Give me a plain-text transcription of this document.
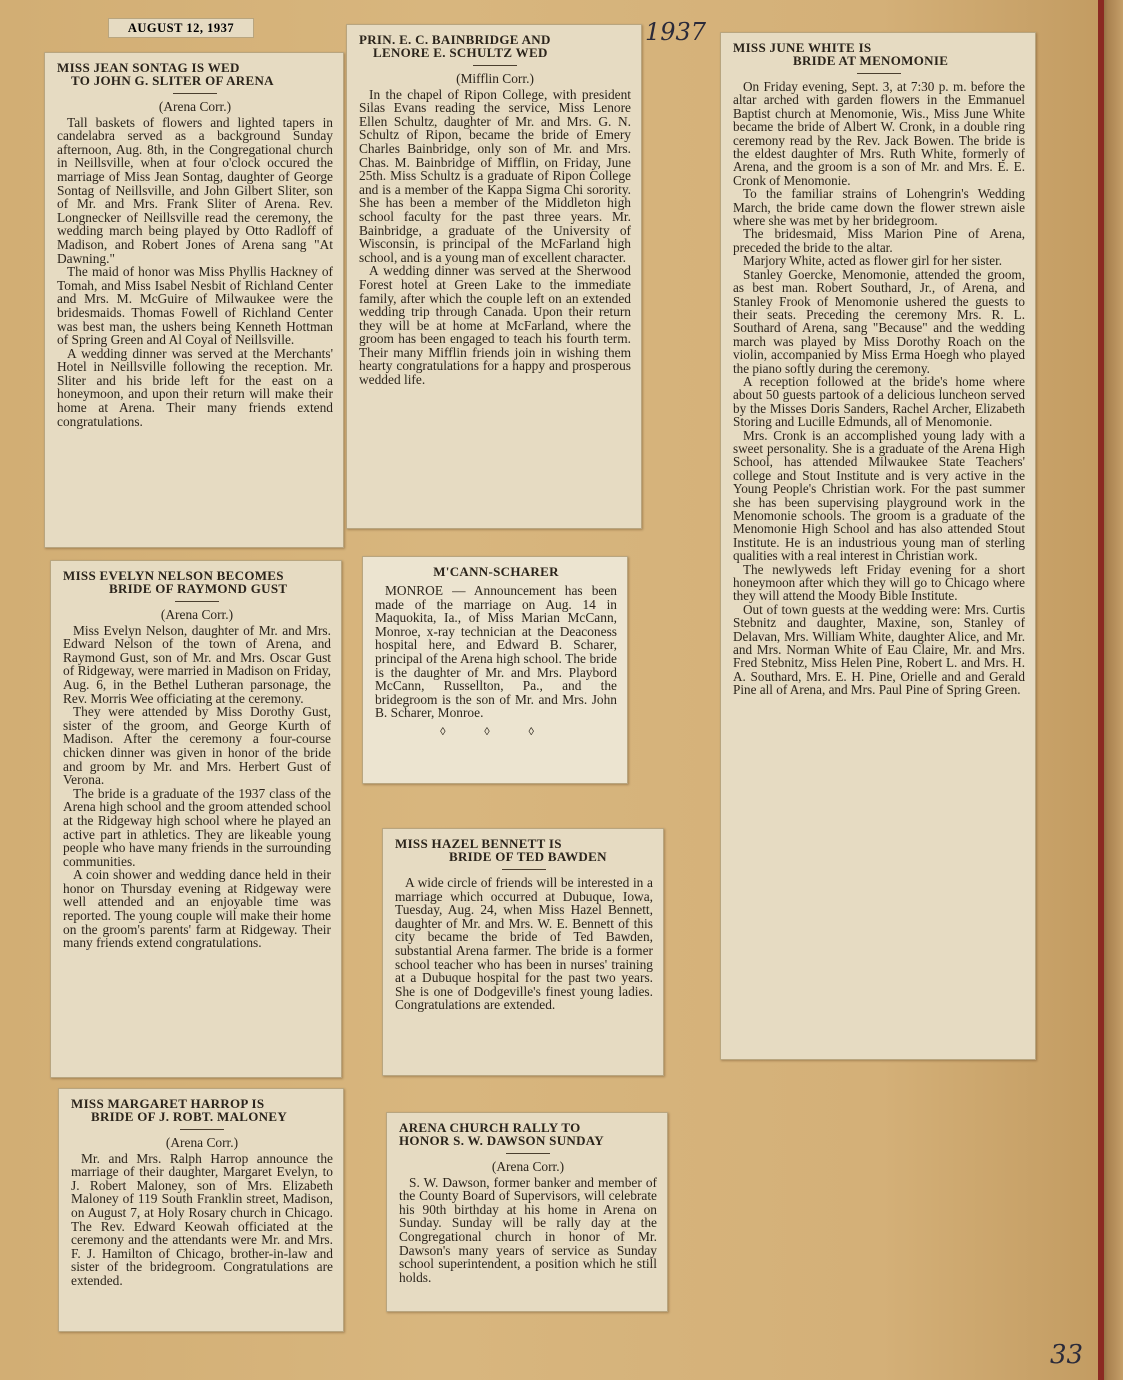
AUGUST 12, 1937	1937
MISS JEAN SONTAG IS WED
TO JOHN G. SLITER OF ARENA
(Arena Corr.)

Tall baskets of flowers and lighted tapers in candelabra served as a background Sunday afternoon, Aug. 8th, in the Congregational church in Neillsville, when at four o'clock occured the marriage of Miss Jean Sontag, daughter of George Sontag of Neillsville, and John Gilbert Sliter, son of Mr. and Mrs. Frank Sliter of Arena. Rev. Longnecker of Neillsville read the ceremony, the wedding march being played by Otto Radloff of Madison, and Robert Jones of Arena sang "At Dawning."

The maid of honor was Miss Phyllis Hackney of Tomah, and Miss Isabel Nesbit of Richland Center and Mrs. M. McGuire of Milwaukee were the bridesmaids. Thomas Fowell of Richland Center was best man, the ushers being Kenneth Hottman of Spring Green and Al Coyal of Neillsville.

A wedding dinner was served at the Merchants' Hotel in Neillsville following the reception. Mr. Sliter and his bride left for the east on a honeymoon, and upon their return will make their home at Arena. Their many friends extend congratulations.

PRIN. E. C. BAINBRIDGE AND
LENORE E. SCHULTZ WED
(Mifflin Corr.)

In the chapel of Ripon College, with president Silas Evans reading the service, Miss Lenore Ellen Schultz, daughter of Mr. and Mrs. G. N. Schultz of Ripon, became the bride of Emery Charles Bainbridge, only son of Mr. and Mrs. Chas. M. Bainbridge of Mifflin, on Friday, June 25th. Miss Schultz is a graduate of Ripon College and is a member of the Kappa Sigma Chi sorority. She has been a member of the Middleton high school faculty for the past three years. Mr. Bainbridge, a graduate of the University of Wisconsin, is principal of the McFarland high school, and is a young man of excellent character.

A wedding dinner was served at the Sherwood Forest hotel at Green Lake to the immediate family, after which the couple left on an extended wedding trip through Canada. Upon their return they will be at home at McFarland, where the groom has been engaged to teach his fourth term. Their many Mifflin friends join in wishing them hearty congratulations for a happy and prosperous wedded life.

MISS JUNE WHITE IS
BRIDE AT MENOMONIE

On Friday evening, Sept. 3, at 7:30 p. m. before the altar arched with garden flowers in the Emmanuel Baptist church at Menomonie, Wis., Miss June White became the bride of Albert W. Cronk, in a double ring ceremony read by the Rev. Jack Bowen. The bride is the eldest daughter of Mrs. Ruth White, formerly of Arena, and the groom is a son of Mr. and Mrs. E. E. Cronk of Menomonie.

To the familiar strains of Lohengrin's Wedding March, the bride came down the flower strewn aisle where she was met by her bridegroom.

The bridesmaid, Miss Marion Pine of Arena, preceded the bride to the altar.

Marjory White, acted as flower girl for her sister.

Stanley Goercke, Menomonie, attended the groom, as best man. Robert Southard, Jr., of Arena, and Stanley Frook of Menomonie ushered the guests to their seats. Preceding the ceremony Mrs. R. L. Southard of Arena, sang "Because" and the wedding march was played by Miss Dorothy Roach on the violin, accompanied by Miss Erma Hoegh who played the piano softly during the ceremony.

A reception followed at the bride's home where about 50 guests partook of a delicious luncheon served by the Misses Doris Sanders, Rachel Archer, Elizabeth Storing and Lucille Edmunds, all of Menomonie.

Mrs. Cronk is an accomplished young lady with a sweet personality. She is a graduate of the Arena High School, has attended Milwaukee State Teachers' college and Stout Institute and is very active in the Young People's Christian work. For the past summer she has been supervising playground work in the Menomonie schools. The groom is a graduate of the Menomonie High School and has also attended Stout Institute. He is an industrious young man of sterling qualities with a real interest in Christian work.

The newlyweds left Friday evening for a short honeymoon after which they will go to Chicago where they will attend the Moody Bible Institute.

Out of town guests at the wedding were: Mrs. Curtis Stebnitz and daughter, Maxine, son, Stanley of Delavan, Mrs. William White, daughter Alice, and Mr. and Mrs. Norman White of Eau Claire, Mr. and Mrs. Fred Stebnitz, Miss Helen Pine, Robert L. and Mrs. H. A. Southard, Mrs. E. H. Pine, Orielle and and Gerald Pine all of Arena, and Mrs. Paul Pine of Spring Green.

MISS EVELYN NELSON BECOMES
BRIDE OF RAYMOND GUST
(Arena Corr.)

Miss Evelyn Nelson, daughter of Mr. and Mrs. Edward Nelson of the town of Arena, and Raymond Gust, son of Mr. and Mrs. Oscar Gust of Ridgeway, were married in Madison on Friday, Aug. 6, in the Bethel Lutheran parsonage, the Rev. Morris Wee officiating at the ceremony.

They were attended by Miss Dorothy Gust, sister of the groom, and George Kurth of Madison. After the ceremony a four-course chicken dinner was given in honor of the bride and groom by Mr. and Mrs. Herbert Gust of Verona.

The bride is a graduate of the 1937 class of the Arena high school and the groom attended school at the Ridgeway high school where he played an active part in athletics. They are likeable young people who have many friends in the surrounding communities.

A coin shower and wedding dance held in their honor on Thursday evening at Ridgeway were well attended and an enjoyable time was reported. The young couple will make their home on the groom's parents' farm at Ridgeway. Their many friends extend congratulations.

M'CANN-SCHARER

MONROE — Announcement has been made of the marriage on Aug. 14 in Maquokita, Ia., of Miss Marian McCann, Monroe, x-ray technician at the Deaconess hospital here, and Edward B. Scharer, principal of the Arena high school. The bride is the daughter of Mr. and Mrs. Playbord McCann, Russellton, Pa., and the bridegroom is the son of Mr. and Mrs. John B. Scharer, Monroe.

◊ ◊ ◊
MISS HAZEL BENNETT IS
BRIDE OF TED BAWDEN

A wide circle of friends will be interested in a marriage which occurred at Dubuque, Iowa, Tuesday, Aug. 24, when Miss Hazel Bennett, daughter of Mr. and Mrs. W. E. Bennett of this city became the bride of Ted Bawden, substantial Arena farmer. The bride is a former school teacher who has been in nurses' training at a Dubuque hospital for the past two years. She is one of Dodgeville's finest young ladies. Congratulations are extended.

MISS MARGARET HARROP IS
BRIDE OF J. ROBT. MALONEY
(Arena Corr.)

Mr. and Mrs. Ralph Harrop announce the marriage of their daughter, Margaret Evelyn, to J. Robert Maloney, son of Mrs. Elizabeth Maloney of 119 South Franklin street, Madison, on August 7, at Holy Rosary church in Chicago. The Rev. Edward Keowah officiated at the ceremony and the attendants were Mr. and Mrs. F. J. Hamilton of Chicago, brother-in-law and sister of the bridegroom. Congratulations are extended.

ARENA CHURCH RALLY TO
HONOR S. W. DAWSON SUNDAY
(Arena Corr.)

S. W. Dawson, former banker and member of the County Board of Supervisors, will celebrate his 90th birthday at his home in Arena on Sunday. Sunday will be rally day at the Congregational church in honor of Mr. Dawson's many years of service as Sunday school superintendent, a position which he still holds.

33
